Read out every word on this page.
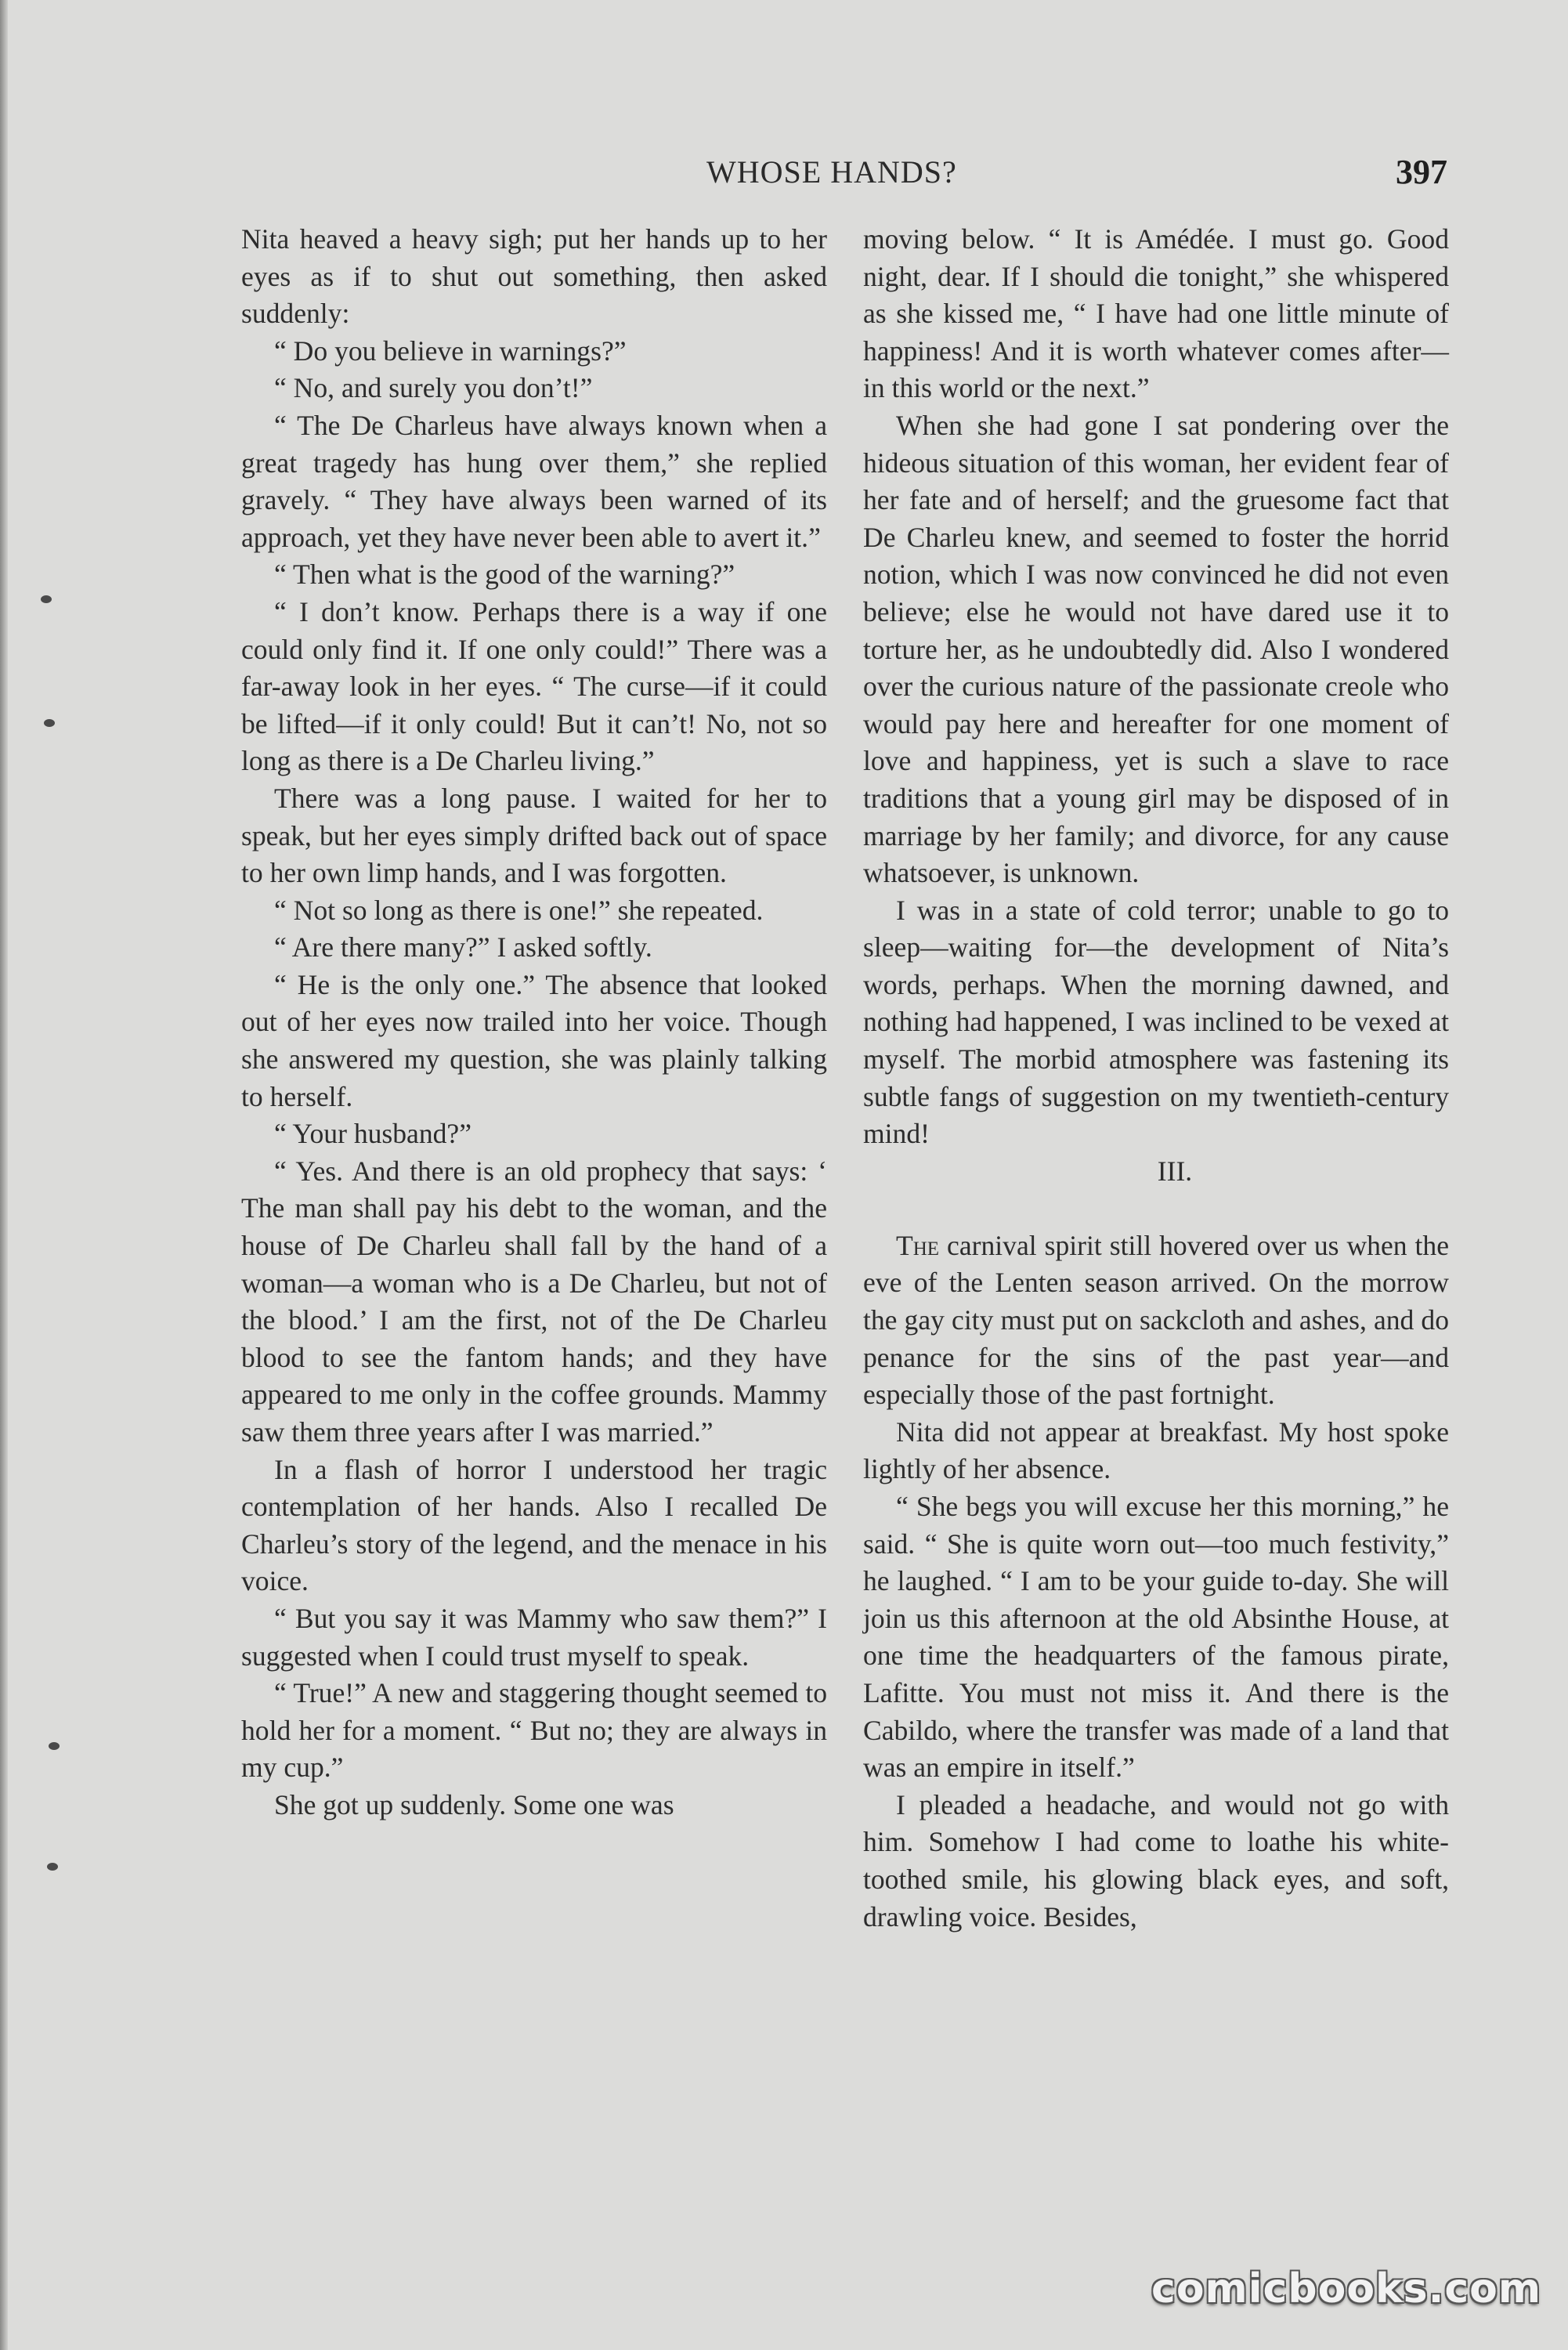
WHOSE HANDS?	397

Nita heaved a heavy sigh; put her hands up to her eyes as if to shut out something, then asked suddenly:

“ Do you believe in warnings?”

“ No, and surely you don’t!”

“ The De Charleus have always known when a great tragedy has hung over them,” she replied gravely. “ They have always been warned of its approach, yet they have never been able to avert it.”

“ Then what is the good of the warning?”

“ I don’t know. Perhaps there is a way if one could only find it. If one only could!” There was a far-away look in her eyes. “ The curse—if it could be lifted—if it only could! But it can’t! No, not so long as there is a De Charleu living.”

There was a long pause. I waited for her to speak, but her eyes simply drifted back out of space to her own limp hands, and I was forgotten.

“ Not so long as there is one!” she repeated.

“ Are there many?” I asked softly.

“ He is the only one.” The absence that looked out of her eyes now trailed into her voice. Though she answered my question, she was plainly talking to herself.

“ Your husband?”

“ Yes. And there is an old prophecy that says: ‘ The man shall pay his debt to the woman, and the house of De Charleu shall fall by the hand of a woman—a woman who is a De Charleu, but not of the blood.’ I am the first, not of the De Charleu blood to see the fantom hands; and they have appeared to me only in the coffee grounds. Mammy saw them three years after I was married.”

In a flash of horror I understood her tragic contemplation of her hands. Also I recalled De Charleu’s story of the legend, and the menace in his voice.

“ But you say it was Mammy who saw them?” I suggested when I could trust myself to speak.

“ True!” A new and staggering thought seemed to hold her for a moment. “ But no; they are always in my cup.”

She got up suddenly. Some one was

moving below. “ It is Amédée. I must go. Good night, dear. If I should die tonight,” she whispered as she kissed me, “ I have had one little minute of happiness! And it is worth whatever comes after—in this world or the next.”

When she had gone I sat pondering over the hideous situation of this woman, her evident fear of her fate and of herself; and the gruesome fact that De Charleu knew, and seemed to foster the horrid notion, which I was now convinced he did not even believe; else he would not have dared use it to torture her, as he undoubtedly did. Also I wondered over the curious nature of the passionate creole who would pay here and hereafter for one moment of love and happiness, yet is such a slave to race traditions that a young girl may be disposed of in marriage by her family; and divorce, for any cause whatsoever, is unknown.

I was in a state of cold terror; unable to go to sleep—waiting for—the development of Nita’s words, perhaps. When the morning dawned, and nothing had happened, I was inclined to be vexed at myself. The morbid atmosphere was fastening its subtle fangs of suggestion on my twentieth-century mind!

III.

The carnival spirit still hovered over us when the eve of the Lenten season arrived. On the morrow the gay city must put on sackcloth and ashes, and do penance for the sins of the past year—and especially those of the past fortnight.

Nita did not appear at breakfast. My host spoke lightly of her absence.

“ She begs you will excuse her this morning,” he said. “ She is quite worn out—too much festivity,” he laughed. “ I am to be your guide to-day. She will join us this afternoon at the old Absinthe House, at one time the headquarters of the famous pirate, Lafitte. You must not miss it. And there is the Cabildo, where the transfer was made of a land that was an empire in itself.”

I pleaded a headache, and would not go with him. Somehow I had come to loathe his white-toothed smile, his glowing black eyes, and soft, drawling voice. Besides,

comicbooks.com
